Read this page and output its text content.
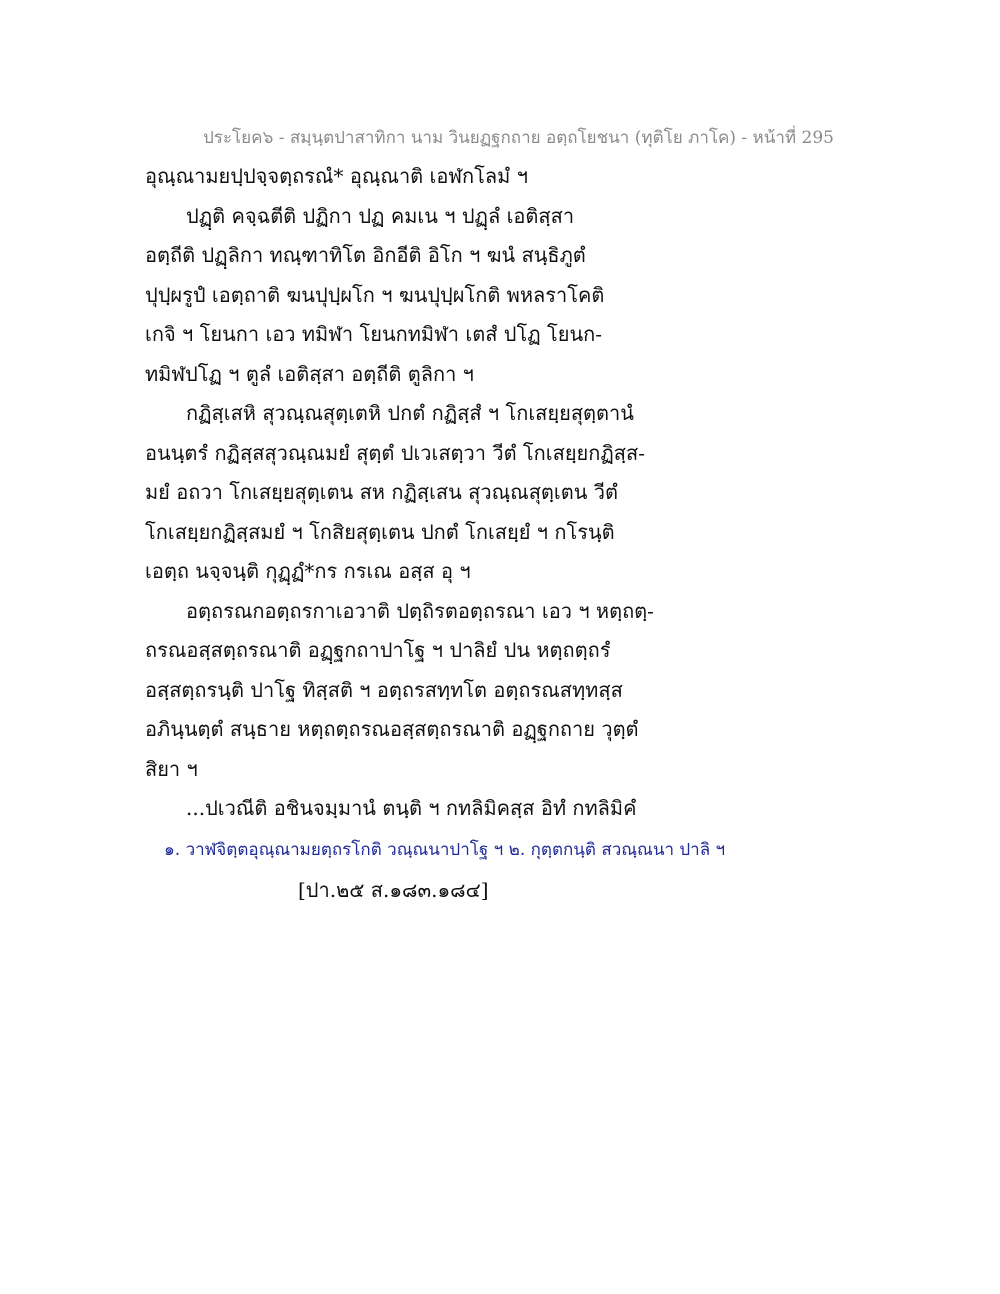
ประโยค๖ - สมฺนฺตปาสาทิกา นาม วินยฏฐกถาย อตฺถโยชนา (ทุติโย ภาโค) - หน้าที่ 295
อุณฺณามยปฺปจฺจตฺถรณํ* อุณฺณาติ เอฬกโลมํ ฯ
ปฏฺติ คจฺฉตีติ ปฏิกา ปฏ คมเน ฯ ปฏฺลํ เอติสฺสา
อตฺถีติ ปฏฺลิกา ทณฺฑาทิโต อิกอีติ อิโก ฯ ฆนํ สนฺธิภูตํ
ปุปฺผรูปํ เอตฺถาติ ฆนปุปฺผโก ฯ ฆนปุปฺผโกติ พหลราโคติ
เกจิ ฯ โยนกา เอว ทมิฬา โยนกทมิฬา เตสํ ปโฏ โยนก-
ทมิฬปโฏ ฯ ตูลํ เอติสฺสา อตฺถีติ ตูลิกา ฯ
กฏิสฺเสหิ สุวณฺณสุตฺเตหิ ปกตํ กฏิสฺสํ ฯ โกเสยฺยสุตฺตานํ
อนนฺตรํ กฏิสฺสสุวณฺณมยํ สุตฺตํ ปเวเสตฺวา วีตํ โกเสยฺยกฏิสฺส-
มยํ อถวา โกเสยฺยสุตฺเตน สห กฏิสฺเสน สุวณฺณสุตฺเตน วีตํ
โกเสยฺยกฏิสฺสมยํ ฯ โกสิยสุตฺเตน ปกตํ โกเสยฺยํ ฯ กโรนฺติ
เอตฺถ นจฺจนฺติ กุฏฺฏํ*กร กรเณ อสฺส อุ ฯ
อตฺถรณกอตฺถรกาเอวาติ ปตฺถิรตอตฺถรณา เอว ฯ หตฺถตฺ-
ถรณอสฺสตฺถรณาติ อฏฺฐกถาปาโฐ ฯ ปาลิยํ ปน หตฺถตฺถรํ
อสฺสตฺถรนฺติ ปาโฐ ทิสฺสติ ฯ อตฺถรสทฺทโต อตฺถรณสทฺทสฺส
อภินฺนตฺตํ สนฺธาย หตฺถตฺถรณอสฺสตฺถรณาติ อฏฺฐกถาย วุตฺตํ
สิยา ฯ
...ปเวณีติ อชินจมฺมานํ ตนฺติ ฯ กทลิมิคสฺส อิทํ กทลิมิคํ
๑. วาฬจิตฺตอุณฺณามยตฺถรโกติ วณฺณนาปาโฐ ฯ ๒. กุตฺตกนฺติ สวณฺณนา ปาลิ ฯ
[ปา.๒๕ ส.๑๘๓.๑๘๔]
